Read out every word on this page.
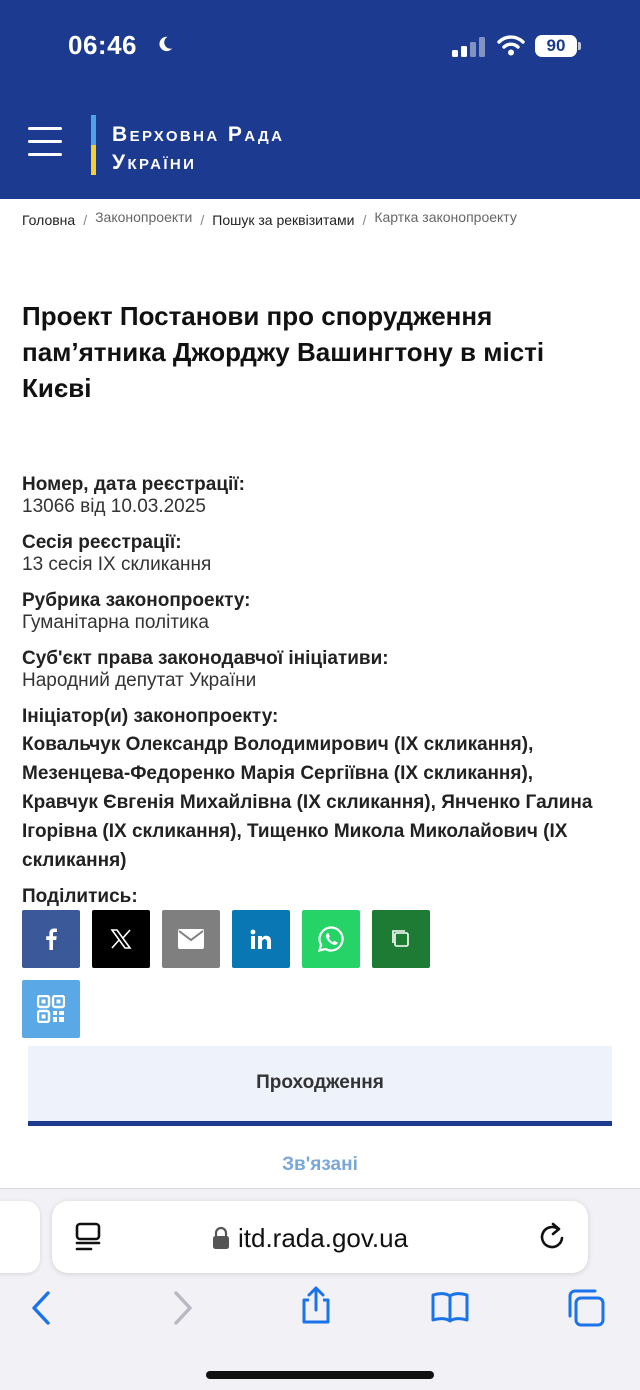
06:46	90
Верховна Рада
України
Головна / Законопроекти / Пошук за реквізитами / Картка законопроекту
Проект Постанови про спорудження пам’ятника Джорджу Вашингтону в місті Києві
Номер, дата реєстрації:
13066 від 10.03.2025
Сесія реєстрації:
13 сесія IX скликання
Рубрика законопроекту:
Гуманітарна політика
Суб'єкт права законодавчої ініціативи:
Народний депутат України
Ініціатор(и) законопроекту:
Ковальчук Олександр Володимирович (IX скликання),
Мезенцева-Федоренко Марія Сергіївна (IX скликання),
Кравчук Євгенія Михайлівна (IX скликання), Янченко Галина
Ігорівна (IX скликання), Тищенко Микола Миколайович (IX
скликання)
Поділитись:
Проходження
Зв'язані
itd.rada.gov.ua
